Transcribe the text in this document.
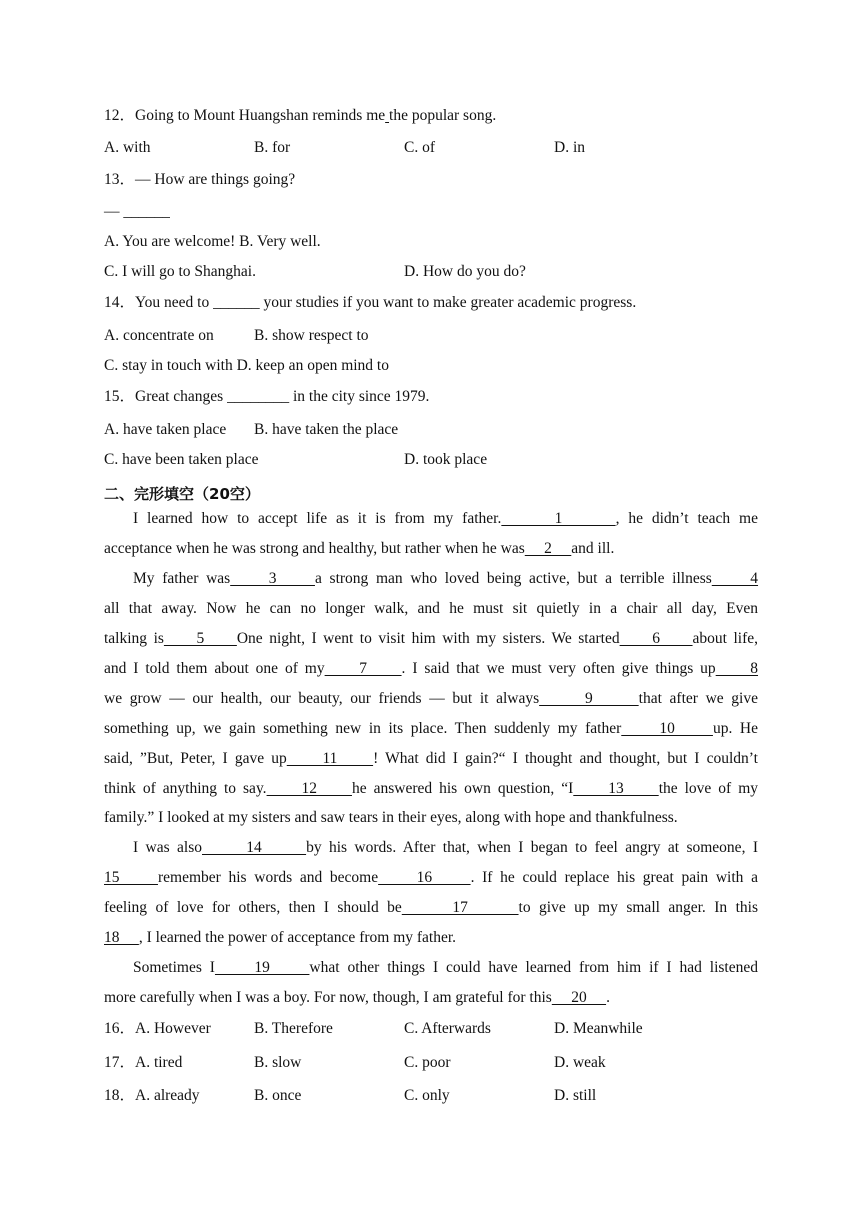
12．Going to Mount Huangshan reminds me the popular song.
A. with	B. for	C. of	D. in
13．— How are things going?
— ______
A. You are welcome! B. Very well.
C. I will go to Shanghai.	D. How do you do?
14．You need to ______ your studies if you want to make greater academic progress.
A. concentrate on	B. show respect to
C. stay in touch with D. keep an open mind to
15．Great changes ________ in the city since 1979.
A. have taken place B. have taken the place
C. have been taken place	D. took place
二、完形填空（20空）
I learned how to accept life as it is from my father.      1      , he didn’t teach me
acceptance when he was strong and healthy, but rather when he was     2     and ill.
My father was     3     a strong man who loved being active, but a terrible illness     4
all that away. Now he can no longer walk, and he must sit quietly in a chair all day, Even
talking is     5     One night, I went to visit him with my sisters. We started     6     about life,
and I told them about one of my     7     . I said that we must very often give things up     8
we grow — our health, our beauty, our friends — but it always      9      that after we give
something up, we gain something new in its place. Then suddenly my father     10     up. He
said, ”But, Peter, I gave up     11     ! What did I gain?“ I thought and thought, but I couldn’t
think of anything to say.     12     he answered his own question, “I     13     the love of my
family.” I looked at my sisters and saw tears in their eyes, along with hope and thankfulness.
I was also      14      by his words. After that, when I began to feel angry at someone, I
15     remember his words and become     16     . If he could replace his great pain with a
feeling of love for others, then I should be      17      to give up my small anger. In this
18     , I learned the power of acceptance from my father.
Sometimes I     19     what other things I could have learned from him if I had listened
more carefully when I was a boy. For now, though, I am grateful for this     20     .
16．A. However	B. Therefore	C. Afterwards	D. Meanwhile
17．A. tired	B. slow	C. poor	D. weak
18．A. already	B. once	C. only	D. still
